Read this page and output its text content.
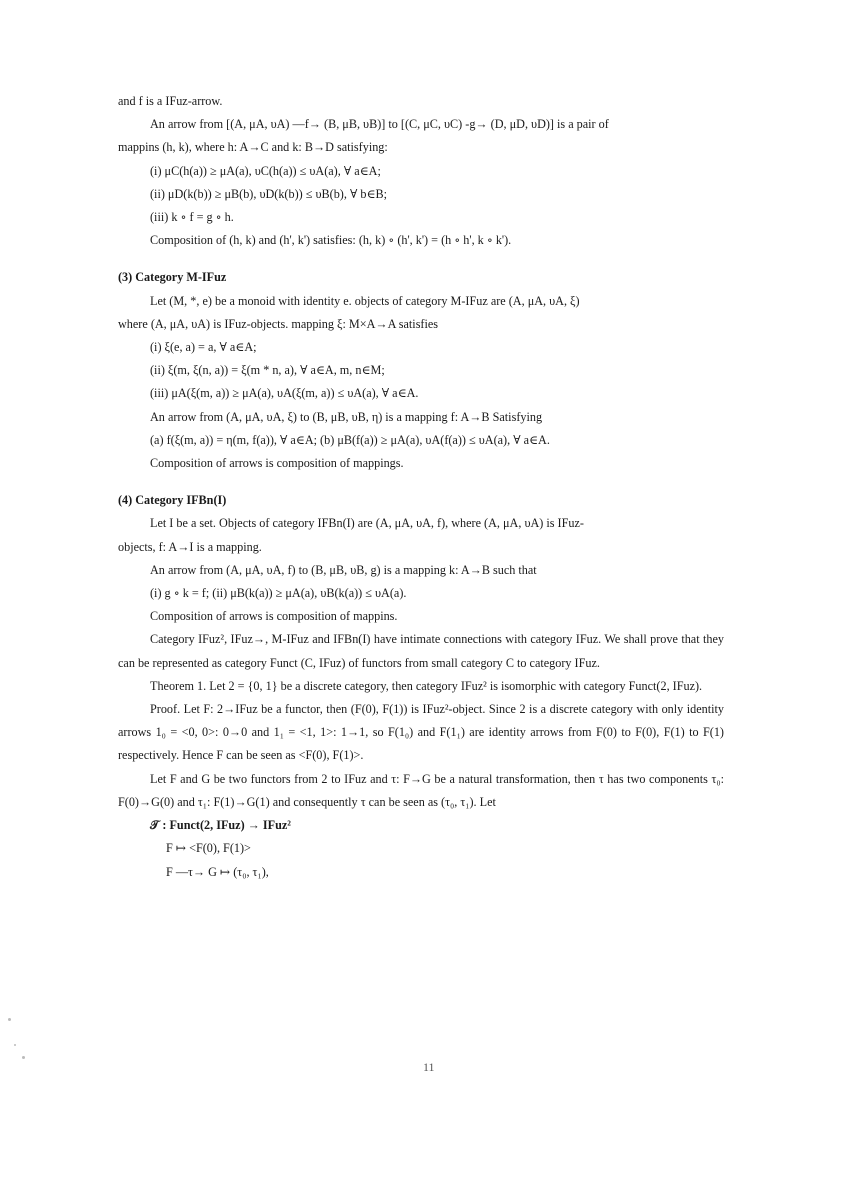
and f is a IFuz-arrow.
An arrow from [(A, μA, υA) —f→ (B, μB, υB)] to [(C, μC, υC) -g→ (D, μD, υD)] is a pair of
mappins (h, k), where h: A→C and k: B→D satisfying:
(i) μC(h(a)) ≥ μA(a), υC(h(a)) ≤ υA(a), ∀ a∈A;
(ii) μD(k(b)) ≥ μB(b), υD(k(b)) ≤ υB(b), ∀ b∈B;
(iii) k ∘ f = g ∘ h.
Composition of (h, k) and (h', k') satisfies: (h, k) ∘ (h', k') = (h ∘ h', k ∘ k').
(3) Category M-IFuz
Let (M, *, e) be a monoid with identity e. objects of category M-IFuz are (A, μA, υA, ξ)
where (A, μA, υA) is IFuz-objects. mapping ξ: M×A→A satisfies
(i) ξ(e, a) = a, ∀ a∈A;
(ii) ξ(m, ξ(n, a)) = ξ(m * n, a), ∀ a∈A, m, n∈M;
(iii) μA(ξ(m, a)) ≥ μA(a), υA(ξ(m, a)) ≤ υA(a), ∀ a∈A.
An arrow from (A, μA, υA, ξ) to (B, μB, υB, η) is a mapping f: A→B Satisfying
(a) f(ξ(m, a)) = η(m, f(a)), ∀ a∈A; (b) μB(f(a)) ≥ μA(a), υA(f(a)) ≤ υA(a), ∀ a∈A.
Composition of arrows is composition of mappings.
(4) Category IFBn(I)
Let I be a set. Objects of category IFBn(I) are (A, μA, υA, f), where (A, μA, υA) is IFuz-
objects, f: A→I is a mapping.
An arrow from (A, μA, υA, f) to (B, μB, υB, g) is a mapping k: A→B such that
(i) g ∘ k = f; (ii) μB(k(a)) ≥ μA(a), υB(k(a)) ≤ υA(a).
Composition of arrows is composition of mappins.
Category IFuz², IFuz→, M-IFuz and IFBn(I) have intimate connections with category IFuz. We shall prove that they can be represented as category Funct (C, IFuz) of functors from small category C to category IFuz.
Theorem 1. Let 2 = {0, 1} be a discrete category, then category IFuz² is isomorphic with category Funct(2, IFuz).
Proof. Let F: 2→IFuz be a functor, then (F(0), F(1)) is IFuz²-object. Since 2 is a discrete category with only identity arrows 1₀ = <0, 0>: 0→0 and 1₁ = <1, 1>: 1→1, so F(1₀) and F(1₁) are identity arrows from F(0) to F(0), F(1) to F(1) respectively. Hence F can be seen as <F(0), F(1)>.
Let F and G be two functors from 2 to IFuz and τ: F→G be a natural transformation, then τ has two components τ₀: F(0)→G(0) and τ₁: F(1)→G(1) and consequently τ can be seen as (τ₀, τ₁). Let
𝒯 : Funct(2, IFuz) → IFuz²
F ↦ <F(0), F(1)>
F —τ→ G ↦ (τ₀, τ₁),
11
